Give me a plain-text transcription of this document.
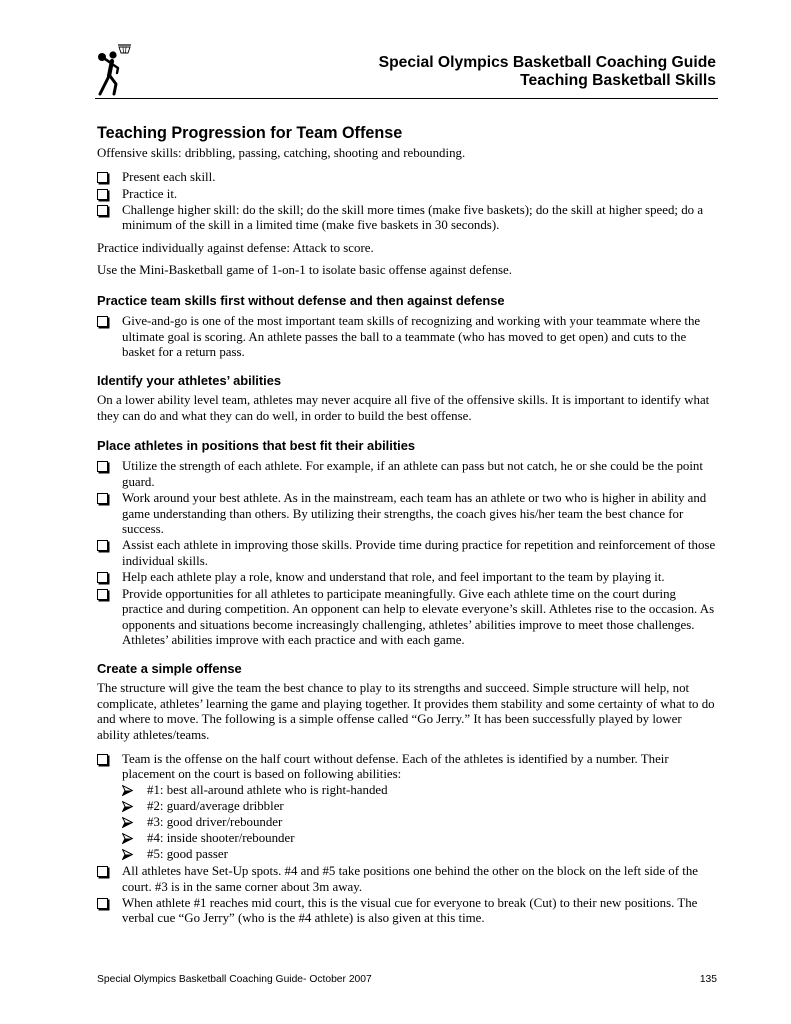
Special Olympics Basketball Coaching Guide
Teaching Basketball Skills
Teaching Progression for Team Offense
Offensive skills: dribbling, passing, catching, shooting and rebounding.
Present each skill.
Practice it.
Challenge higher skill: do the skill; do the skill more times (make five baskets); do the skill at higher speed; do a
minimum of the skill in a limited time (make five baskets in 30 seconds).
Practice individually against defense: Attack to score.
Use the Mini-Basketball game of 1-on-1 to isolate basic offense against defense.
Practice team skills first without defense and then against defense
Give-and-go is one of the most important team skills of recognizing and working with your teammate where the
ultimate goal is scoring. An athlete passes the ball to a teammate (who has moved to get open) and cuts to the
basket for a return pass.
Identify your athletes’ abilities
On a lower ability level team, athletes may never acquire all five of the offensive skills. It is important to identify what
they can do and what they can do well, in order to build the best offense.
Place athletes in positions that best fit their abilities
Utilize the strength of each athlete. For example, if an athlete can pass but not catch, he or she could be the point
guard.
Work around your best athlete. As in the mainstream, each team has an athlete or two who is higher in ability and
game understanding than others. By utilizing their strengths, the coach gives his/her team the best chance for
success.
Assist each athlete in improving those skills. Provide time during practice for repetition and reinforcement of those
individual skills.
Help each athlete play a role, know and understand that role, and feel important to the team by playing it.
Provide opportunities for all athletes to participate meaningfully. Give each athlete time on the court during
practice and during competition. An opponent can help to elevate everyone’s skill. Athletes rise to the occasion. As
opponents and situations become increasingly challenging, athletes’ abilities improve to meet those challenges.
Athletes’ abilities improve with each practice and with each game.
Create a simple offense
The structure will give the team the best chance to play to its strengths and succeed. Simple structure will help, not
complicate, athletes’ learning the game and playing together. It provides them stability and some certainty of what to do
and where to move. The following is a simple offense called “Go Jerry.” It has been successfully played by lower
ability athletes/teams.
Team is the offense on the half court without defense. Each of the athletes is identified by a number. Their
placement on the court is based on following abilities:
#1: best all-around athlete who is right-handed
#2: guard/average dribbler
#3: good driver/rebounder
#4: inside shooter/rebounder
#5: good passer
All athletes have Set-Up spots. #4 and #5 take positions one behind the other on the block on the left side of the
court. #3 is in the same corner about 3m away.
When athlete #1 reaches mid court, this is the visual cue for everyone to break (Cut) to their new positions. The
verbal cue “Go Jerry” (who is the #4 athlete) is also given at this time.
Special Olympics Basketball Coaching Guide- October 2007	135
